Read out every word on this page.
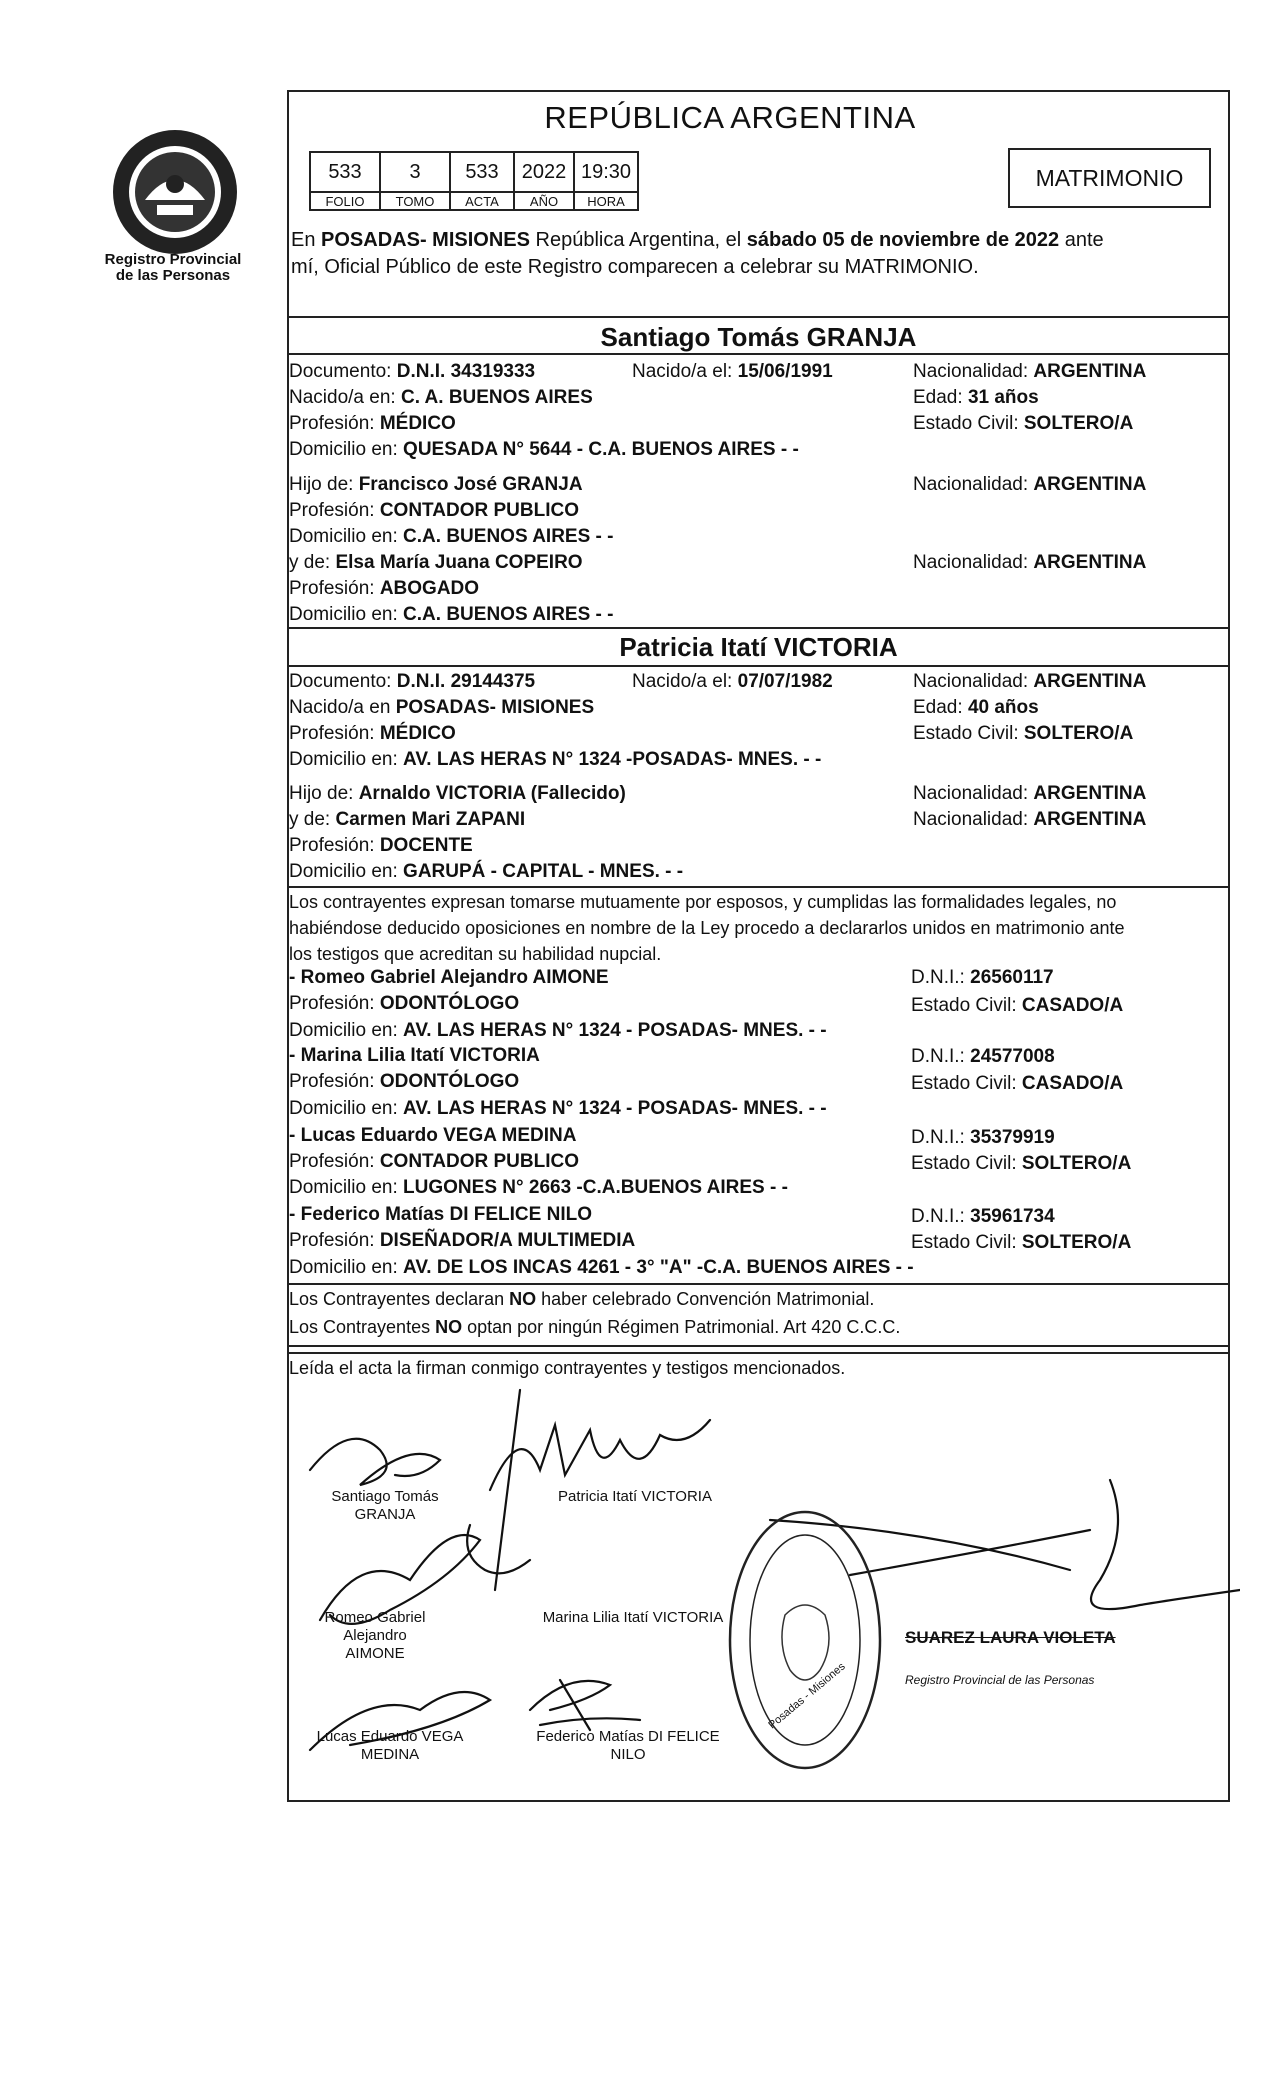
Registro Provincial
de las Personas
REPÚBLICA ARGENTINA
533	3	533	2022	19:30
FOLIO	TOMO	ACTA	AÑO	HORA
MATRIMONIO
En POSADAS- MISIONES República Argentina, el sábado 05 de noviembre de 2022 ante
mí, Oficial Público de este Registro comparecen a celebrar su MATRIMONIO.
Santiago Tomás GRANJA
Documento: D.N.I. 34319333	Nacido/a el: 15/06/1991	Nacionalidad: ARGENTINA
Nacido/a en: C. A. BUENOS AIRES	Edad: 31 años
Profesión: MÉDICO	Estado Civil: SOLTERO/A
Domicilio en: QUESADA N° 5644 - C.A. BUENOS AIRES - -
Hijo de: Francisco José GRANJA	Nacionalidad: ARGENTINA
Profesión: CONTADOR PUBLICO
Domicilio en: C.A. BUENOS AIRES - -
y de: Elsa María Juana COPEIRO	Nacionalidad: ARGENTINA
Profesión: ABOGADO
Domicilio en: C.A. BUENOS AIRES - -
Patricia Itatí VICTORIA
Documento: D.N.I. 29144375	Nacido/a el: 07/07/1982	Nacionalidad: ARGENTINA
Nacido/a en POSADAS- MISIONES	Edad: 40 años
Profesión: MÉDICO	Estado Civil: SOLTERO/A
Domicilio en: AV. LAS HERAS N° 1324 -POSADAS- MNES. - -
Hijo de: Arnaldo VICTORIA (Fallecido)	Nacionalidad: ARGENTINA
y de: Carmen Mari ZAPANI	Nacionalidad: ARGENTINA
Profesión: DOCENTE
Domicilio en: GARUPÁ - CAPITAL - MNES. - -
Los contrayentes expresan tomarse mutuamente por esposos, y cumplidas las formalidades legales, no
habiéndose deducido oposiciones en nombre de la Ley procedo a declararlos unidos en matrimonio ante
los testigos que acreditan su habilidad nupcial.
- Romeo Gabriel Alejandro AIMONE	D.N.I.: 26560117
Profesión: ODONTÓLOGO	Estado Civil: CASADO/A
Domicilio en: AV. LAS HERAS N° 1324 - POSADAS- MNES. - -
- Marina Lilia Itatí VICTORIA	D.N.I.: 24577008
Profesión: ODONTÓLOGO	Estado Civil: CASADO/A
Domicilio en: AV. LAS HERAS N° 1324 - POSADAS- MNES. - -
- Lucas Eduardo VEGA MEDINA	D.N.I.: 35379919
Profesión: CONTADOR PUBLICO	Estado Civil: SOLTERO/A
Domicilio en: LUGONES N° 2663 -C.A.BUENOS AIRES - -
- Federico Matías DI FELICE NILO	D.N.I.: 35961734
Profesión: DISEÑADOR/A MULTIMEDIA	Estado Civil: SOLTERO/A
Domicilio en: AV. DE LOS INCAS 4261 - 3° "A" -C.A. BUENOS AIRES - -
Los Contrayentes declaran NO haber celebrado Convención Matrimonial.
Los Contrayentes NO optan por ningún Régimen Patrimonial. Art 420 C.C.C.
Leída el acta la firman conmigo contrayentes y testigos mencionados.
Santiago Tomás GRANJA
Patricia Itatí VICTORIA
Romeo Gabriel Alejandro
AIMONE
Marina Lilia Itatí VICTORIA
Lucas Eduardo VEGA
MEDINA
Federico Matías DI FELICE
NILO
Posadas - Misiones
SUAREZ LAURA VIOLETA
Registro Provincial de las Personas
